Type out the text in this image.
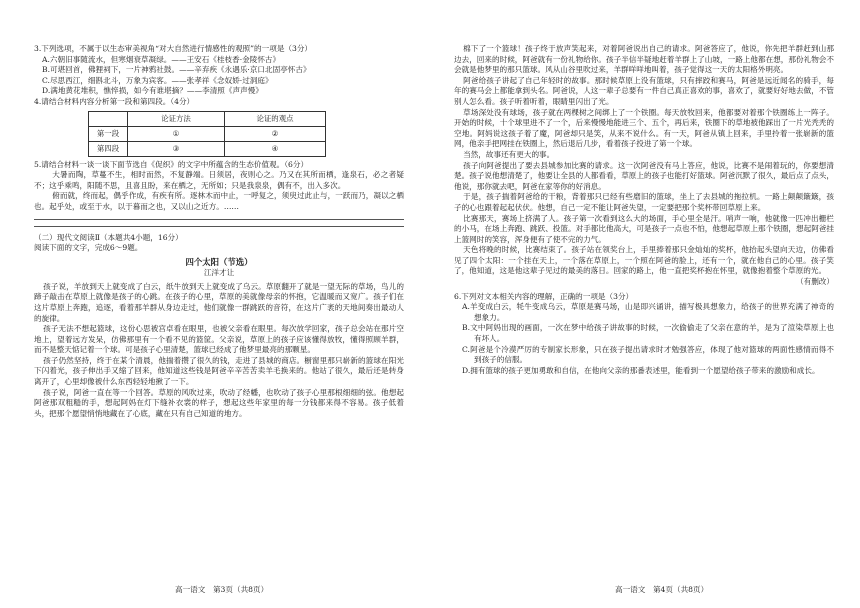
3.下列选项，不属于以生态审美视角“对大自然进行情感性的观照”的一项是（3分）

A.六朝旧事随流水，但寒烟衰草凝绿。——王安石《桂枝香·金陵怀古》

B.可堪回首，佛狸祠下，一片神鸦社鼓。——辛弃疾《永遇乐·京口北固亭怀古》

C.尽思西江，细斟北斗，万象为宾客。——张孝祥《念奴娇·过洞庭》

D.满地黄花堆积，憔悴损，如今有谁堪摘？——李清照《声声慢》

4.请结合材料内容分析第一段和第四段。（4分）

	论证方法	论证的观点
第一段	①	②
第四段	③	④

5.请结合材料一谈一谈下面节选自《促织》的文字中所蕴含的生态价值观。（6分）

大暑而陶，草蔓不生，相时而然，不复静端。日须居，夜则心之。乃又在其所而栖，逢泉石，必之者疑不；这乎乘鸣，阳随不思，且喜且盼，来在栖之，无所如；只是我泉泉，偶有不，出入多次。

俯而就，终而起，偶乎作成，有疾有所。逐林木而中止，一呼复之，须臾过此止与，一跃而乃，凝以之栖也。起乎处，或至于水，以于暮而之也，又以山之近方。……

（二）现代文阅读Ⅱ（本题共4小题，16分）

阅读下面的文字，完成6～9题。

四个太阳（节选）

江洋才让

孩子说，羊放到天上就变成了白云，纸牛放到天上就变成了乌云。草原翻开了就是一望无际的草场，鸟儿的蹄子敲击在草原上就像是孩子的心跳。在孩子的心里，草原的美就像母亲的怀抱，它温暖而又宽广。孩子们在这片草原上奔跑，追逐，看着那羊群从身边走过，他们就像一群跳跃的音符，在这片广袤的天地间奏出最动人的旋律。

孩子无法不想起篮球，这份心思被宫卓看在眼里，也被父亲看在眼里。每次放学回家，孩子总会站在那片空地上，望着远方发呆，仿佛那里有一个看不见的篮筐。父亲说，草原上的孩子应该懂得放牧，懂得照顾羊群，而不是整天惦记着一个球。可是孩子心里清楚，篮球已经成了他梦里最亮的那颗星。

孩子仍然坚持，终于在某个清晨，他揣着攒了很久的钱，走进了县城的商店。橱窗里那只崭新的篮球在阳光下闪着光，孩子伸出手又缩了回来，他知道这些钱是阿爸辛辛苦苦卖羊毛换来的。他站了很久，最后还是转身离开了，心里却像被什么东西轻轻地揪了一下。

孩子说，阿爸一直在等一个回答。草原的风吹过来，吹动了经幡，也吹动了孩子心里那根细细的弦。他想起阿爸那双粗糙的手，想起阿妈在灯下缝补衣裳的样子，想起这些年家里的每一分钱都来得不容易。孩子低着头，把那个愿望悄悄地藏在了心底，藏在只有自己知道的地方。

高一语文　第3页（共8页）

棉下了一个篮球！孩子终于放声笑起来，对着阿爸说出自己的请求。阿爸答应了，他说，你先把羊群赶到山那边去，回来的时候，阿爸就有一份礼物给你。孩子半信半疑地赶着羊群上了山坡，一路上他都在想，那份礼物会不会就是他梦里的那只篮球。风从山谷里吹过来，羊群咩咩地叫着，孩子觉得这一天的太阳格外明亮。

阿爸给孩子讲起了自己年轻时的故事。那时候草原上没有篮球，只有摔跤和赛马，阿爸是远近闻名的骑手，每年的赛马会上都能拿到头名。阿爸说，人这一辈子总要有一件自己真正喜欢的事，喜欢了，就要好好地去做，不管别人怎么看。孩子听着听着，眼睛里闪出了光。

草场深处没有球场，孩子就在两棵树之间绑上了一个铁圈。每天放牧回来，他都要对着那个铁圈练上一阵子。开始的时候，十个球里进不了一个，后来慢慢地能进三个、五个，再后来，铁圈下的草地被他踩出了一片光秃秃的空地。阿妈说这孩子着了魔，阿爸却只是笑，从来不说什么。有一天，阿爸从镇上回来，手里拎着一张崭新的篮网，他亲手把网挂在铁圈上，然后退后几步，看着孩子投进了第一个球。

当然，故事还有更大的事。

孩子向阿爸提出了要去县城参加比赛的请求。这一次阿爸没有马上答应，他说，比赛不是闹着玩的，你要想清楚。孩子说他想清楚了，他要让全县的人都看看，草原上的孩子也能打好篮球。阿爸沉默了很久，最后点了点头，他说，那你就去吧，阿爸在家等你的好消息。

于是，孩子揣着阿爸给的干粮，背着那只已经有些磨旧的篮球，坐上了去县城的拖拉机。一路上颠颠簸簸，孩子的心也跟着起起伏伏。他想，自己一定不能让阿爸失望，一定要把那个奖杯带回草原上来。

比赛那天，赛场上挤满了人。孩子第一次看到这么大的场面，手心里全是汗。哨声一响，他就像一匹冲出栅栏的小马，在场上奔跑、跳跃、投篮。对手都比他高大，可是孩子一点也不怕，他想起草原上那个铁圈，想起阿爸挂上篮网时的笑容，浑身便有了使不完的力气。

天色将晚的时候，比赛结束了。孩子站在领奖台上，手里捧着那只金灿灿的奖杯，他抬起头望向天边，仿佛看见了四个太阳：一个挂在天上，一个落在草原上，一个照在阿爸的脸上，还有一个，就在他自己的心里。孩子笑了，他知道，这是他这辈子见过的最美的落日。回家的路上，他一直把奖杯抱在怀里，就像抱着整个草原的光。

（有删改）

6.下列对文本相关内容的理解，正确的一项是（3分）

A.羊变成白云，牦牛变成乌云，草原是赛马场，山是即兴诵讲，描写极具想象力，给孩子的世界充满了神奇的想象力。

B.文中阿妈出现的画面，一次在梦中给孩子讲故事的时候，一次偷偷走了父亲在意的羊，是为了渲染草原上也有坏人。

C.阿爸是个冷漠严厉的专制家长形象，只在孩子提出请求时才勉强答应，体现了他对篮球的两面性感情而得不到孩子的信服。

D.拥有篮球的孩子更加勇敢和自信，在他向父亲的那番表述里，能看到一个愿望给孩子带来的激励和成长。

高一语文　第4页（共8页）
